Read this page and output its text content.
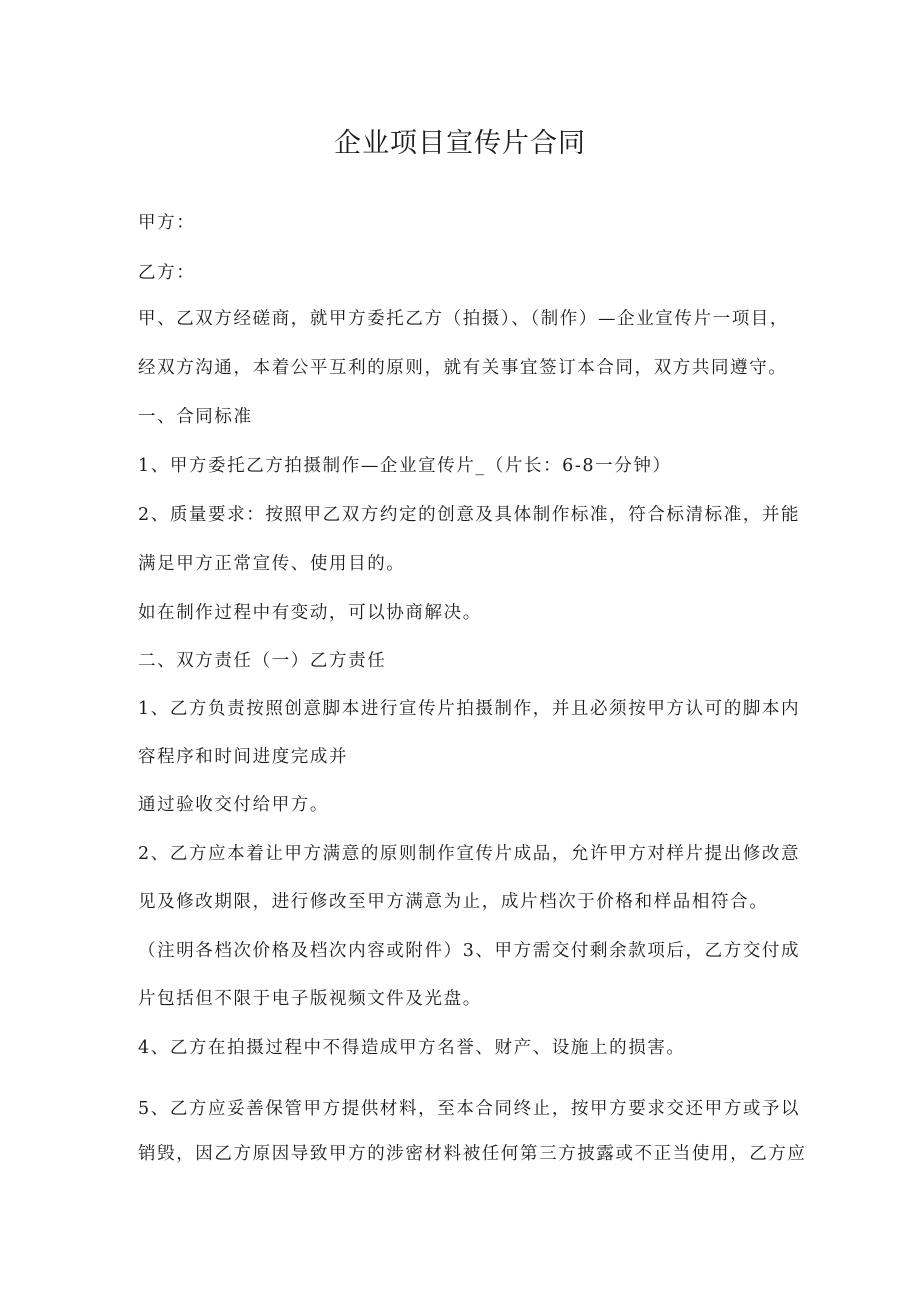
企业项目宣传片合同

甲方：

乙方：

甲、乙双方经磋商，就甲方委托乙方（拍摄）、（制作）—企业宣传片一项目，

经双方沟通，本着公平互利的原则，就有关事宜签订本合同，双方共同遵守。

一、合同标准

1、甲方委托乙方拍摄制作—企业宣传片_（片长：6-8一分钟）

2、质量要求：按照甲乙双方约定的创意及具体制作标准，符合标清标准，并能

满足甲方正常宣传、使用目的。

如在制作过程中有变动，可以协商解决。

二、双方责任（一）乙方责任

1、乙方负责按照创意脚本进行宣传片拍摄制作，并且必须按甲方认可的脚本内

容程序和时间进度完成并

通过验收交付给甲方。

2、乙方应本着让甲方满意的原则制作宣传片成品，允许甲方对样片提出修改意

见及修改期限，进行修改至甲方满意为止，成片档次于价格和样品相符合。

（注明各档次价格及档次内容或附件）3、甲方需交付剩余款项后，乙方交付成

片包括但不限于电子版视频文件及光盘。

4、乙方在拍摄过程中不得造成甲方名誉、财产、设施上的损害。

5、乙方应妥善保管甲方提供材料，至本合同终止，按甲方要求交还甲方或予以

销毁，因乙方原因导致甲方的涉密材料被任何第三方披露或不正当使用，乙方应
